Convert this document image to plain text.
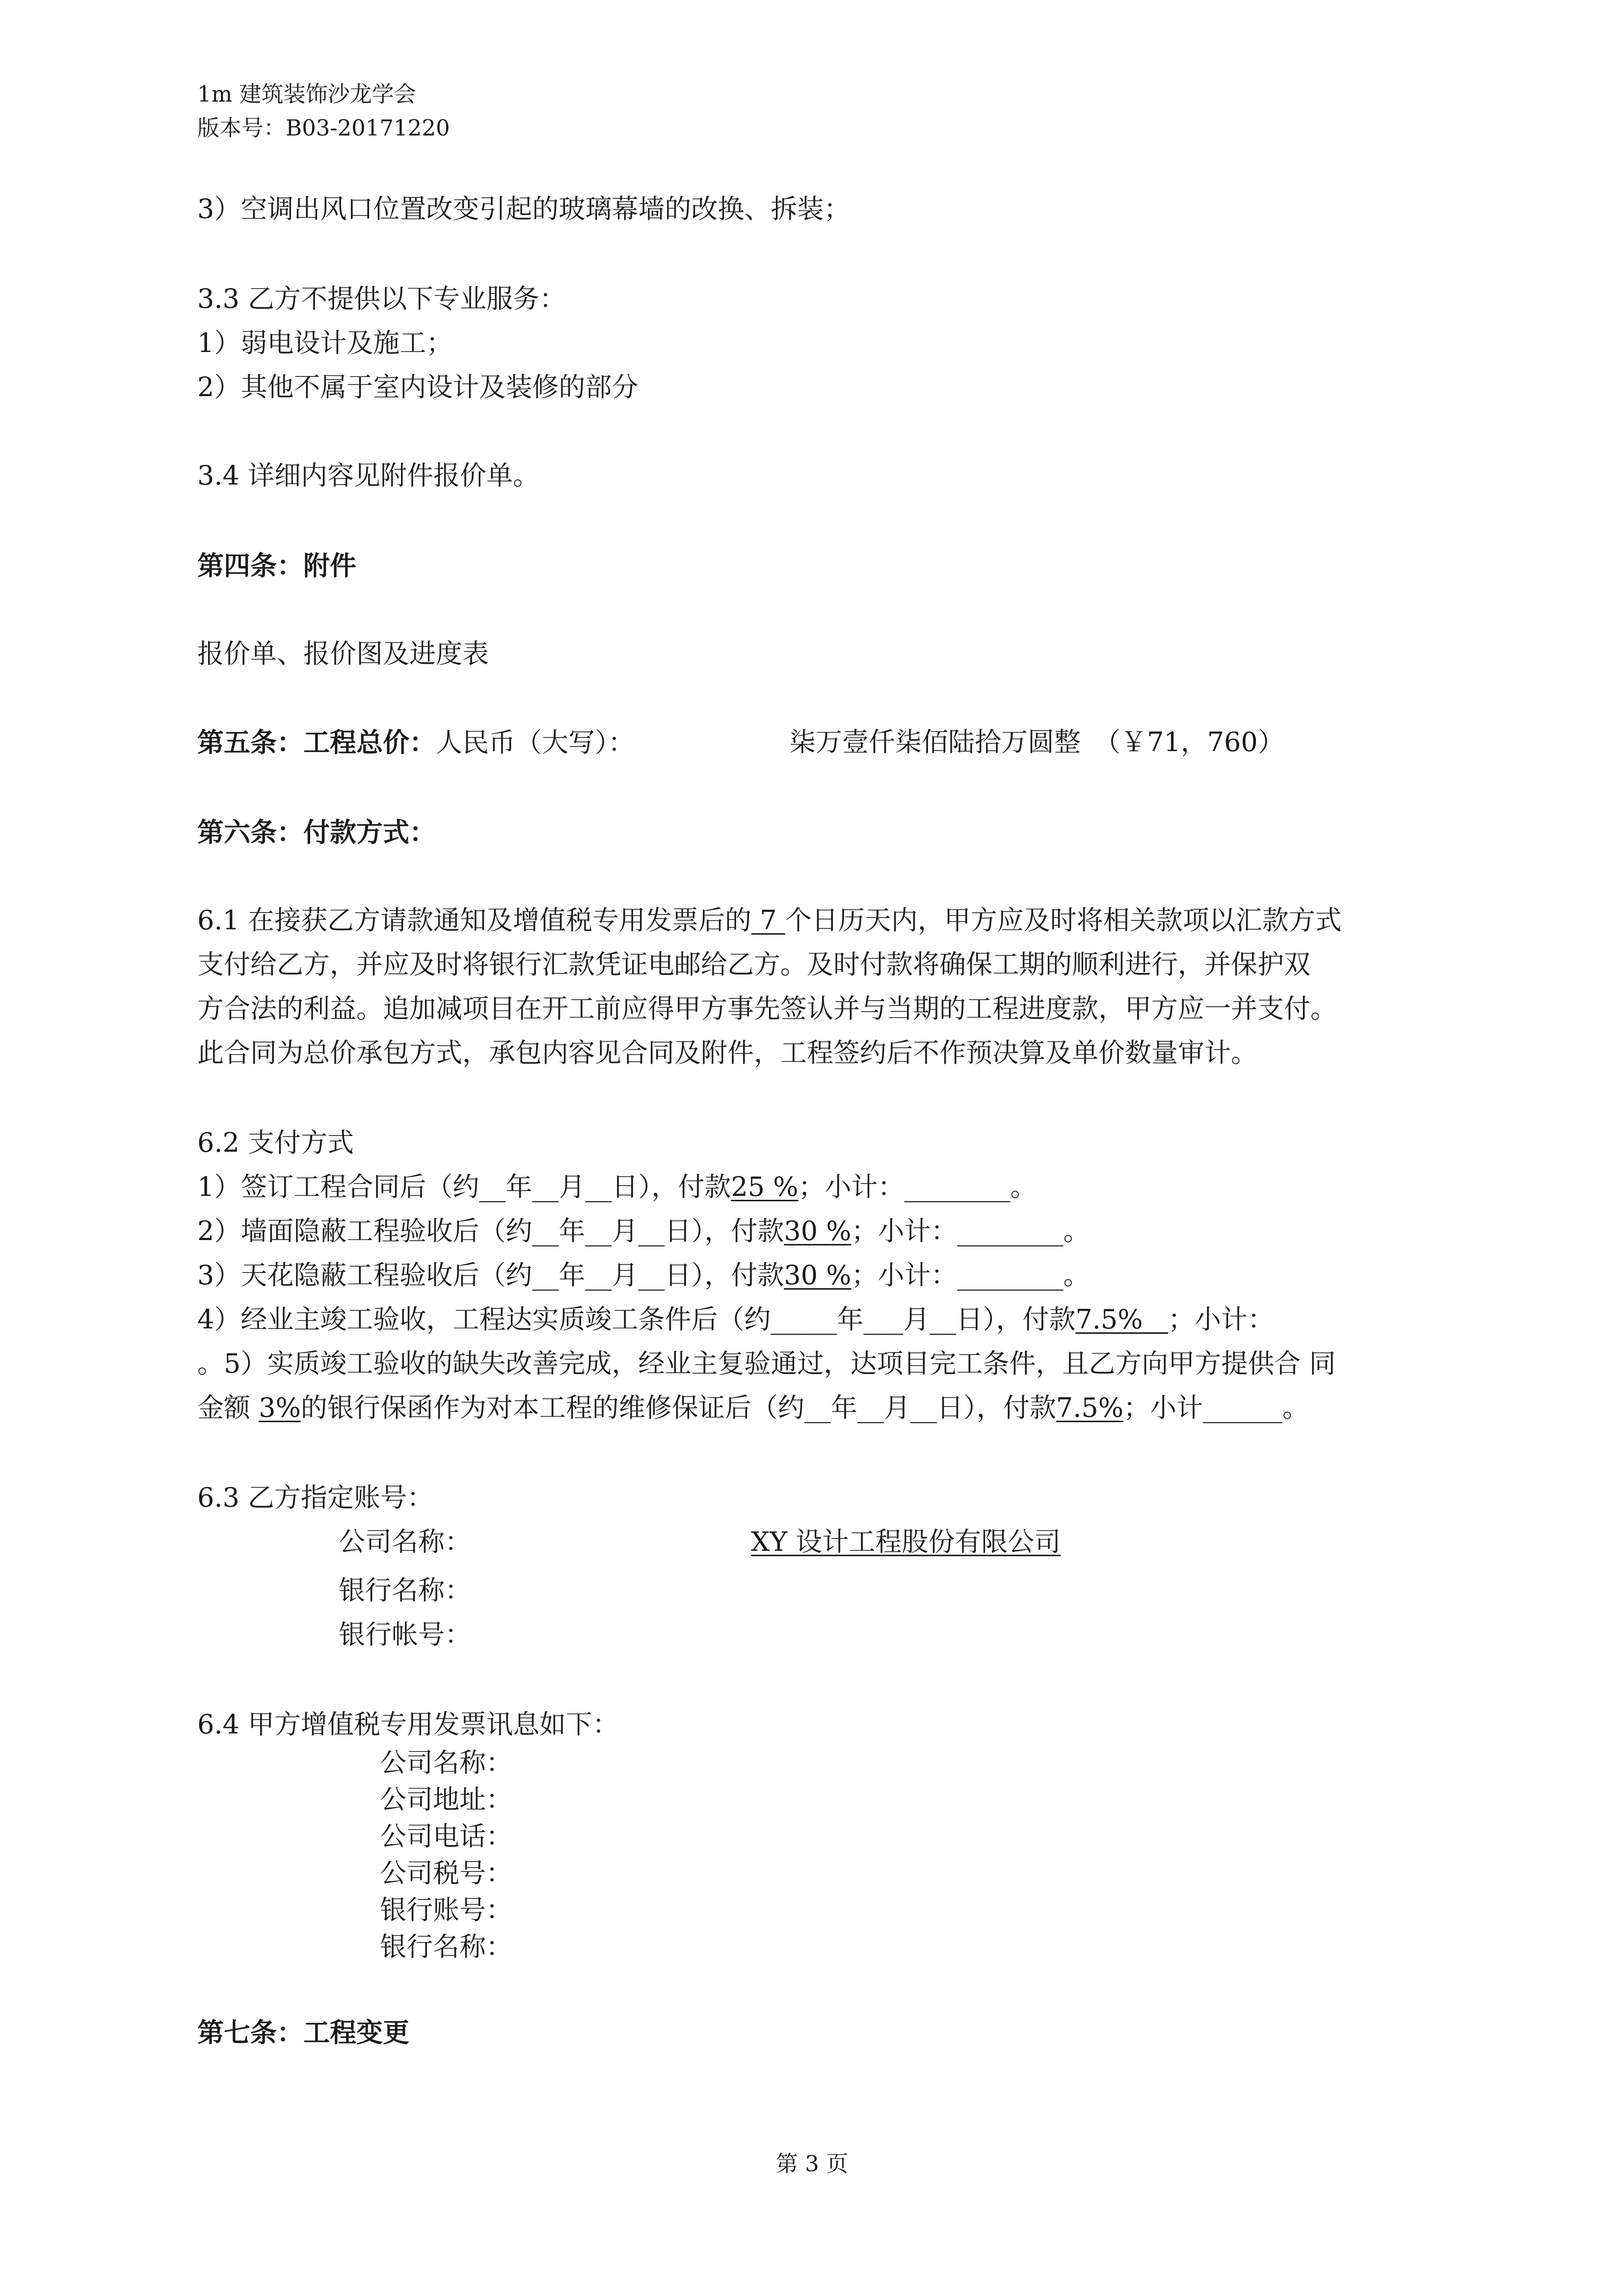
1m 建筑装饰沙龙学会
版本号：B03-20171220
3）空调出风口位置改变引起的玻璃幕墙的改换、拆装；
3.3 乙方不提供以下专业服务：
1）弱电设计及施工；
2）其他不属于室内设计及装修的部分
3.4 详细内容见附件报价单。
第四条：附件
报价单、报价图及进度表
第五条：工程总价：人民币（大写）：	柒万壹仟柒佰陆拾万圆整　（￥71，760）
第六条：付款方式：
6.1 在接获乙方请款通知及增值税专用发票后的 7 个日历天内，甲方应及时将相关款项以汇款方式
支付给乙方，并应及时将银行汇款凭证电邮给乙方。及时付款将确保工期的顺利进行，并保护双
方合法的利益。追加减项目在开工前应得甲方事先签认并与当期的工程进度款，甲方应一并支付。
此合同为总价承包方式，承包内容见合同及附件，工程签约后不作预决算及单价数量审计。
6.2 支付方式
1）签订工程合同后（约__年__月__日），付款25 %；小计：________。
2）墙面隐蔽工程验收后（约__年__月__日），付款30 %；小计：________。
3）天花隐蔽工程验收后（约__年__月__日），付款30 %；小计：________。
4）经业主竣工验收，工程达实质竣工条件后（约_____年___月__日），付款7.5%   ；小计：
。5）实质竣工验收的缺失改善完成，经业主复验通过，达项目完工条件，且乙方向甲方提供合 同
金额 3%的银行保函作为对本工程的维修保证后（约__年__月__日），付款7.5%；小计______。
6.3 乙方指定账号：
公司名称：	XY 设计工程股份有限公司
银行名称：
银行帐号：
6.4 甲方增值税专用发票讯息如下：
公司名称：
公司地址：
公司电话：
公司税号：
银行账号：
银行名称：
第七条：工程变更
第 3 页
